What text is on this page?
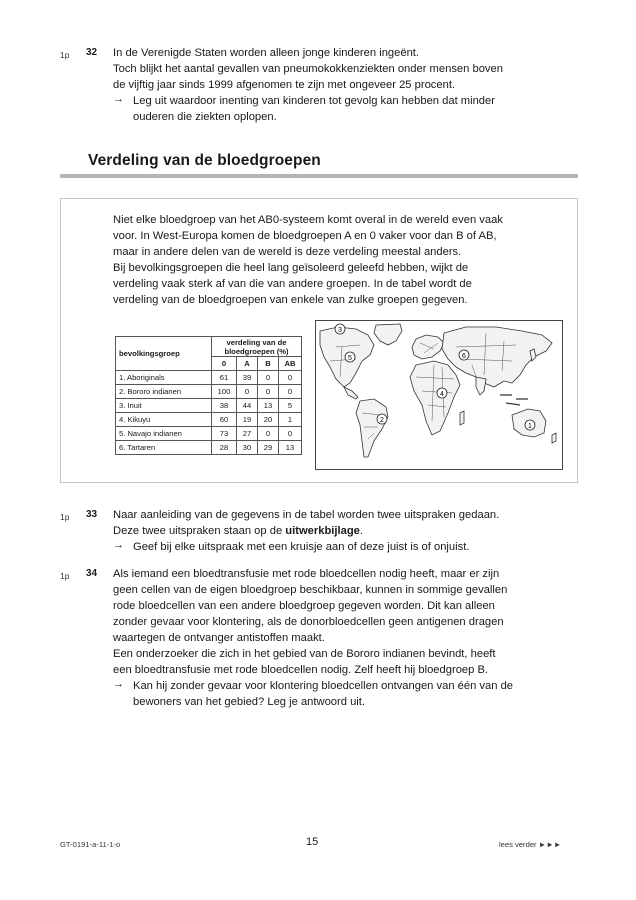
1p 32 In de Verenigde Staten worden alleen jonge kinderen ingeënt.
Toch blijkt het aantal gevallen van pneumokokkenziekten onder mensen boven
de vijftig jaar sinds 1999 afgenomen te zijn met ongeveer 25 procent.
→ Leg uit waardoor inenting van kinderen tot gevolg kan hebben dat minder
ouderen die ziekten oplopen.
Verdeling van de bloedgroepen
Niet elke bloedgroep van het AB0-systeem komt overal in de wereld even vaak
voor. In West-Europa komen de bloedgroepen A en 0 vaker voor dan B of AB,
maar in andere delen van de wereld is deze verdeling meestal anders.
Bij bevolkingsgroepen die heel lang geïsoleerd geleefd hebben, wijkt de
verdeling vaak sterk af van die van andere groepen. In de tabel wordt de
verdeling van de bloedgroepen van enkele van zulke groepen gegeven.
bevolkingsgroep	verdeling van de
bloedgroepen (%)			
	0	A	B	AB
1. Aboriginals	61	39	0	0
2. Bororo indianen	100	0	0	0
3. Inuit	38	44	13	5
4. Kikuyu	60	19	20	1
5. Navajo indianen	73	27	0	0
6. Tartaren	28	30	29	13
1
2
3
4
5	6
1p 33 Naar aanleiding van de gegevens in de tabel worden twee uitspraken gedaan.
Deze twee uitspraken staan op de uitwerkbijlage.
→ Geef bij elke uitspraak met een kruisje aan of deze juist is of onjuist.
1p 34 Als iemand een bloedtransfusie met rode bloedcellen nodig heeft, maar er zijn
geen cellen van de eigen bloedgroep beschikbaar, kunnen in sommige gevallen
rode bloedcellen van een andere bloedgroep gegeven worden. Dit kan alleen
zonder gevaar voor klontering, als de donorbloedcellen geen antigenen dragen
waartegen de ontvanger antistoffen maakt.
Een onderzoeker die zich in het gebied van de Bororo indianen bevindt, heeft
een bloedtransfusie met rode bloedcellen nodig. Zelf heeft hij bloedgroep B.
→ Kan hij zonder gevaar voor klontering bloedcellen ontvangen van één van de
bewoners van het gebied? Leg je antwoord uit.
GT-0191-a-11-1-o	15	lees verder ►►►
